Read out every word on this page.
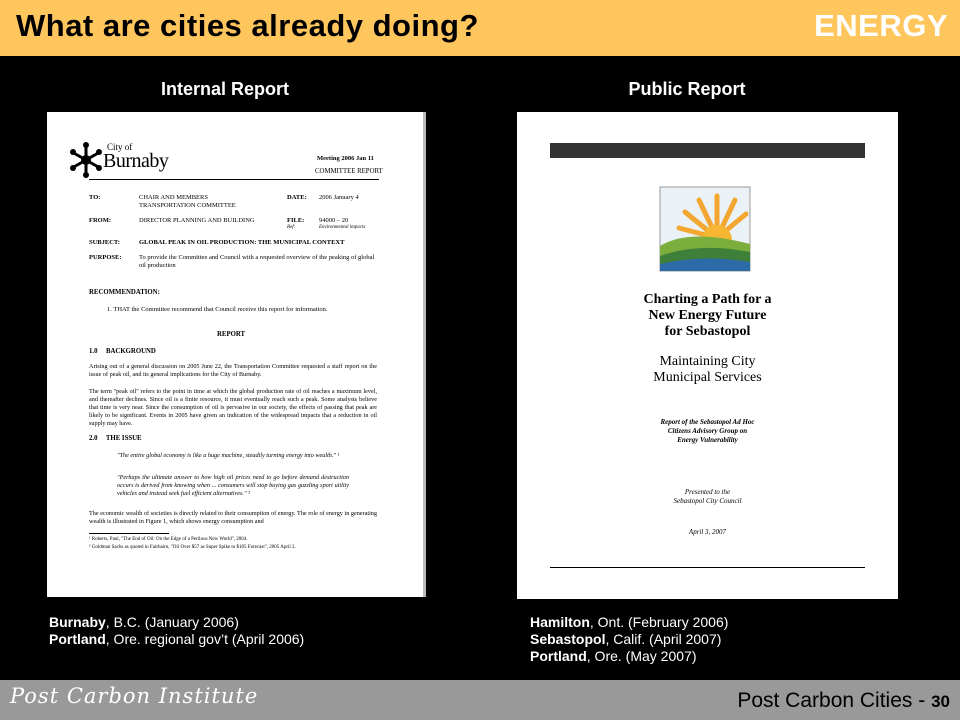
What are cities already doing?	ENERGY
Internal Report	Public Report
City of
Burnaby	Meeting 2006 Jan 11
COMMITTEE REPORT
TO:	CHAIR AND MEMBERS TRANSPORTATION COMMITTEE
DATE: 2006 January 4
FROM:	DIRECTOR PLANNING AND BUILDING	FILE: 94000 – 20
Ref:	Environmental impacts
SUBJECT:	GLOBAL PEAK IN OIL PRODUCTION: THE MUNICIPAL CONTEXT
PURPOSE:	To provide the Committee and Council with a requested overview of the peaking of global oil production
RECOMMENDATION:
1. THAT the Committee recommend that Council receive this report for information.
REPORT
1.0     BACKGROUND
Arising out of a general discussion on 2005 June 22, the Transportation Committee requested a staff report on the issue of peak oil, and its general implications for the City of Burnaby.
The term "peak oil" refers to the point in time at which the global production rate of oil reaches a maximum level, and thereafter declines. Since oil is a finite resource, it must eventually reach such a peak. Some analysts believe that time is very near. Since the consumption of oil is pervasive in our society, the effects of passing that peak are likely to be significant. Events in 2005 have given an indication of the widespread impacts that a reduction in oil supply may have.
2.0     THE ISSUE
"The entire global economy is like a huge machine, steadily turning energy into wealth." ¹
"Perhaps the ultimate answer to how high oil prices need to go before demand destruction occurs is derived from knowing when ... consumers will stop buying gas guzzling sport utility vehicles and instead seek fuel efficient alternatives." ²
The economic wealth of societies is directly related to their consumption of energy. The role of energy in generating wealth is illustrated in Figure 1, which shows energy consumption and
¹ Roberts, Paul, "The End of Oil: On the Edge of a Perilous New World", 2004.
² Goldman Sachs as quoted in Fairbairn, "Oil Over $57 as Super Spike to $105 Forecast", 2005 April 2.
Charting a Path for a
New Energy Future
for Sebastopol
Maintaining City
Municipal Services
Report of the Sebastopol Ad Hoc
Citizens Advisory Group on
Energy Vulnerability
Presented to the
Sebastopol City Council
April 3, 2007
Burnaby, B.C. (January 2006)
Portland, Ore. regional gov’t (April 2006)
Hamilton, Ont. (February 2006)
Sebastopol, Calif. (April 2007)
Portland, Ore. (May 2007)
Post Carbon Institute	Post Carbon Cities - 30
